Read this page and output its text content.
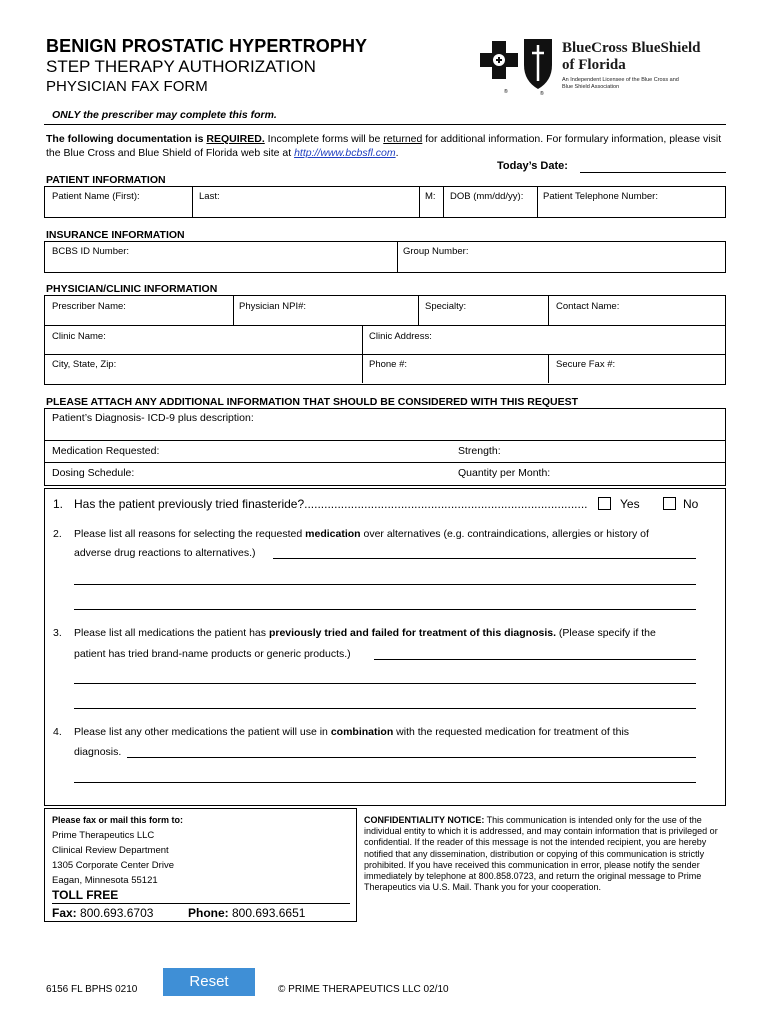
BENIGN PROSTATIC HYPERTROPHY
STEP THERAPY AUTHORIZATION
PHYSICIAN FAX FORM	®	®
BlueCross BlueShield
of Florida
An Independent Licensee of the Blue Cross and Blue Shield Association
ONLY the prescriber may complete this form.
The following documentation is REQUIRED. Incomplete forms will be returned for additional information. For formulary information, please visit the Blue Cross and Blue Shield of Florida web site at http://www.bcbsfl.com.
Today’s Date:
PATIENT INFORMATION
Patient Name (First):	Last:	M: DOB (mm/dd/yy): Patient Telephone Number:
INSURANCE INFORMATION
BCBS ID Number:	Group Number:
PHYSICIAN/CLINIC INFORMATION
Prescriber Name:	Physician NPI#:	Specialty:	Contact Name:
Clinic Name:	Clinic Address:
City, State, Zip:	Phone #:	Secure Fax #:
PLEASE ATTACH ANY ADDITIONAL INFORMATION THAT SHOULD BE CONSIDERED WITH THIS REQUEST
Patient’s Diagnosis- ICD-9 plus description:
Medication Requested:	Strength:
Dosing Schedule:	Quantity per Month:
1. Has the patient previously tried finasteride?.....................................................................................	Yes	No
2. Please list all reasons for selecting the requested medication over alternatives (e.g. contraindications, allergies or history of
adverse drug reactions to alternatives.)
3. Please list all medications the patient has previously tried and failed for treatment of this diagnosis. (Please specify if the
patient has tried brand-name products or generic products.)
4. Please list any other medications the patient will use in combination with the requested medication for treatment of this
diagnosis.
Please fax or mail this form to:
Prime Therapeutics LLC
Clinical Review Department
1305 Corporate Center Drive
Eagan, Minnesota 55121
TOLL FREE
Fax: 800.693.6703	Phone: 800.693.6651
CONFIDENTIALITY NOTICE: This communication is intended only for the use of the individual entity to which it is addressed, and may contain information that is privileged or confidential. If the reader of this message is not the intended recipient, you are hereby notified that any dissemination, distribution or copying of this communication is strictly prohibited. If you have received this communication in error, please notify the sender immediately by telephone at 800.858.0723, and return the original message to Prime Therapeutics via U.S. Mail. Thank you for your cooperation.
6156 FL BPHS 0210	Reset	© PRIME THERAPEUTICS LLC 02/10
